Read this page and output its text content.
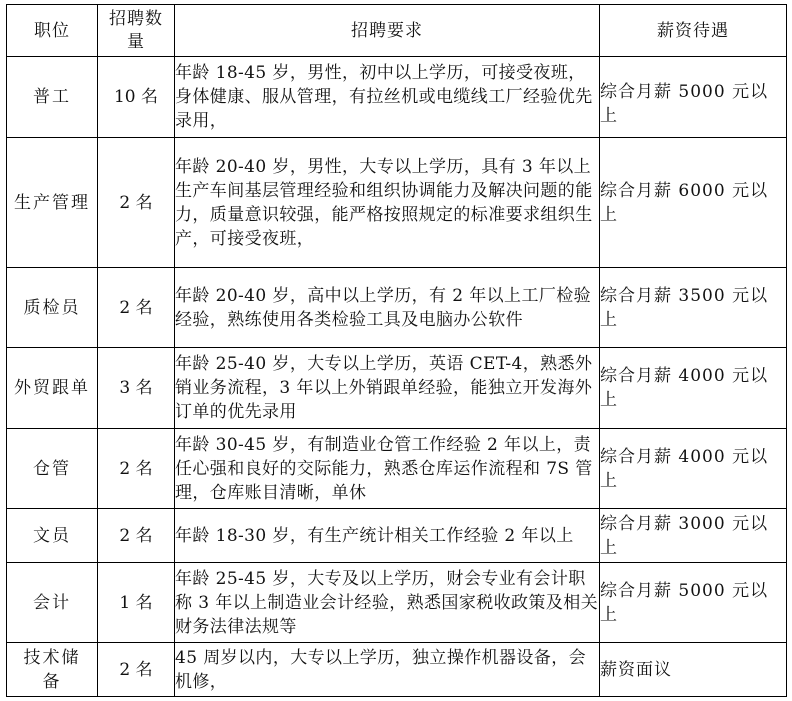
职位	招聘数量	招聘要求	薪资待遇
普工	10 名	年龄 18-45 岁，男性，初中以上学历，可接受夜班，身体健康、服从管理，有拉丝机或电缆线工厂经验优先录用，	综合月薪 5000 元以上
生产管理	2 名	年龄 20-40 岁，男性，大专以上学历，具有 3 年以上生产车间基层管理经验和组织协调能力及解决问题的能力，质量意识较强，能严格按照规定的标准要求组织生产，可接受夜班，	综合月薪 6000 元以上
质检员	2 名	年龄 20-40 岁，高中以上学历，有 2 年以上工厂检验经验，熟练使用各类检验工具及电脑办公软件	综合月薪 3500 元以上
外贸跟单	3 名	年龄 25-40 岁，大专以上学历，英语 CET-4，熟悉外销业务流程，3 年以上外销跟单经验，能独立开发海外订单的优先录用	综合月薪 4000 元以上
仓管	2 名	年龄 30-45 岁，有制造业仓管工作经验 2 年以上，责任心强和良好的交际能力，熟悉仓库运作流程和 7S 管理，仓库账目清晰，单休	综合月薪 4000 元以上
文员	2 名	年龄 18-30 岁，有生产统计相关工作经验 2 年以上	综合月薪 3000 元以上
会计	1 名	年龄 25-45 岁，大专及以上学历，财会专业有会计职称 3 年以上制造业会计经验，熟悉国家税收政策及相关财务法律法规等	综合月薪 5000 元以上
技术储备	2 名	45 周岁以内，大专以上学历，独立操作机器设备，会机修，	薪资面议
